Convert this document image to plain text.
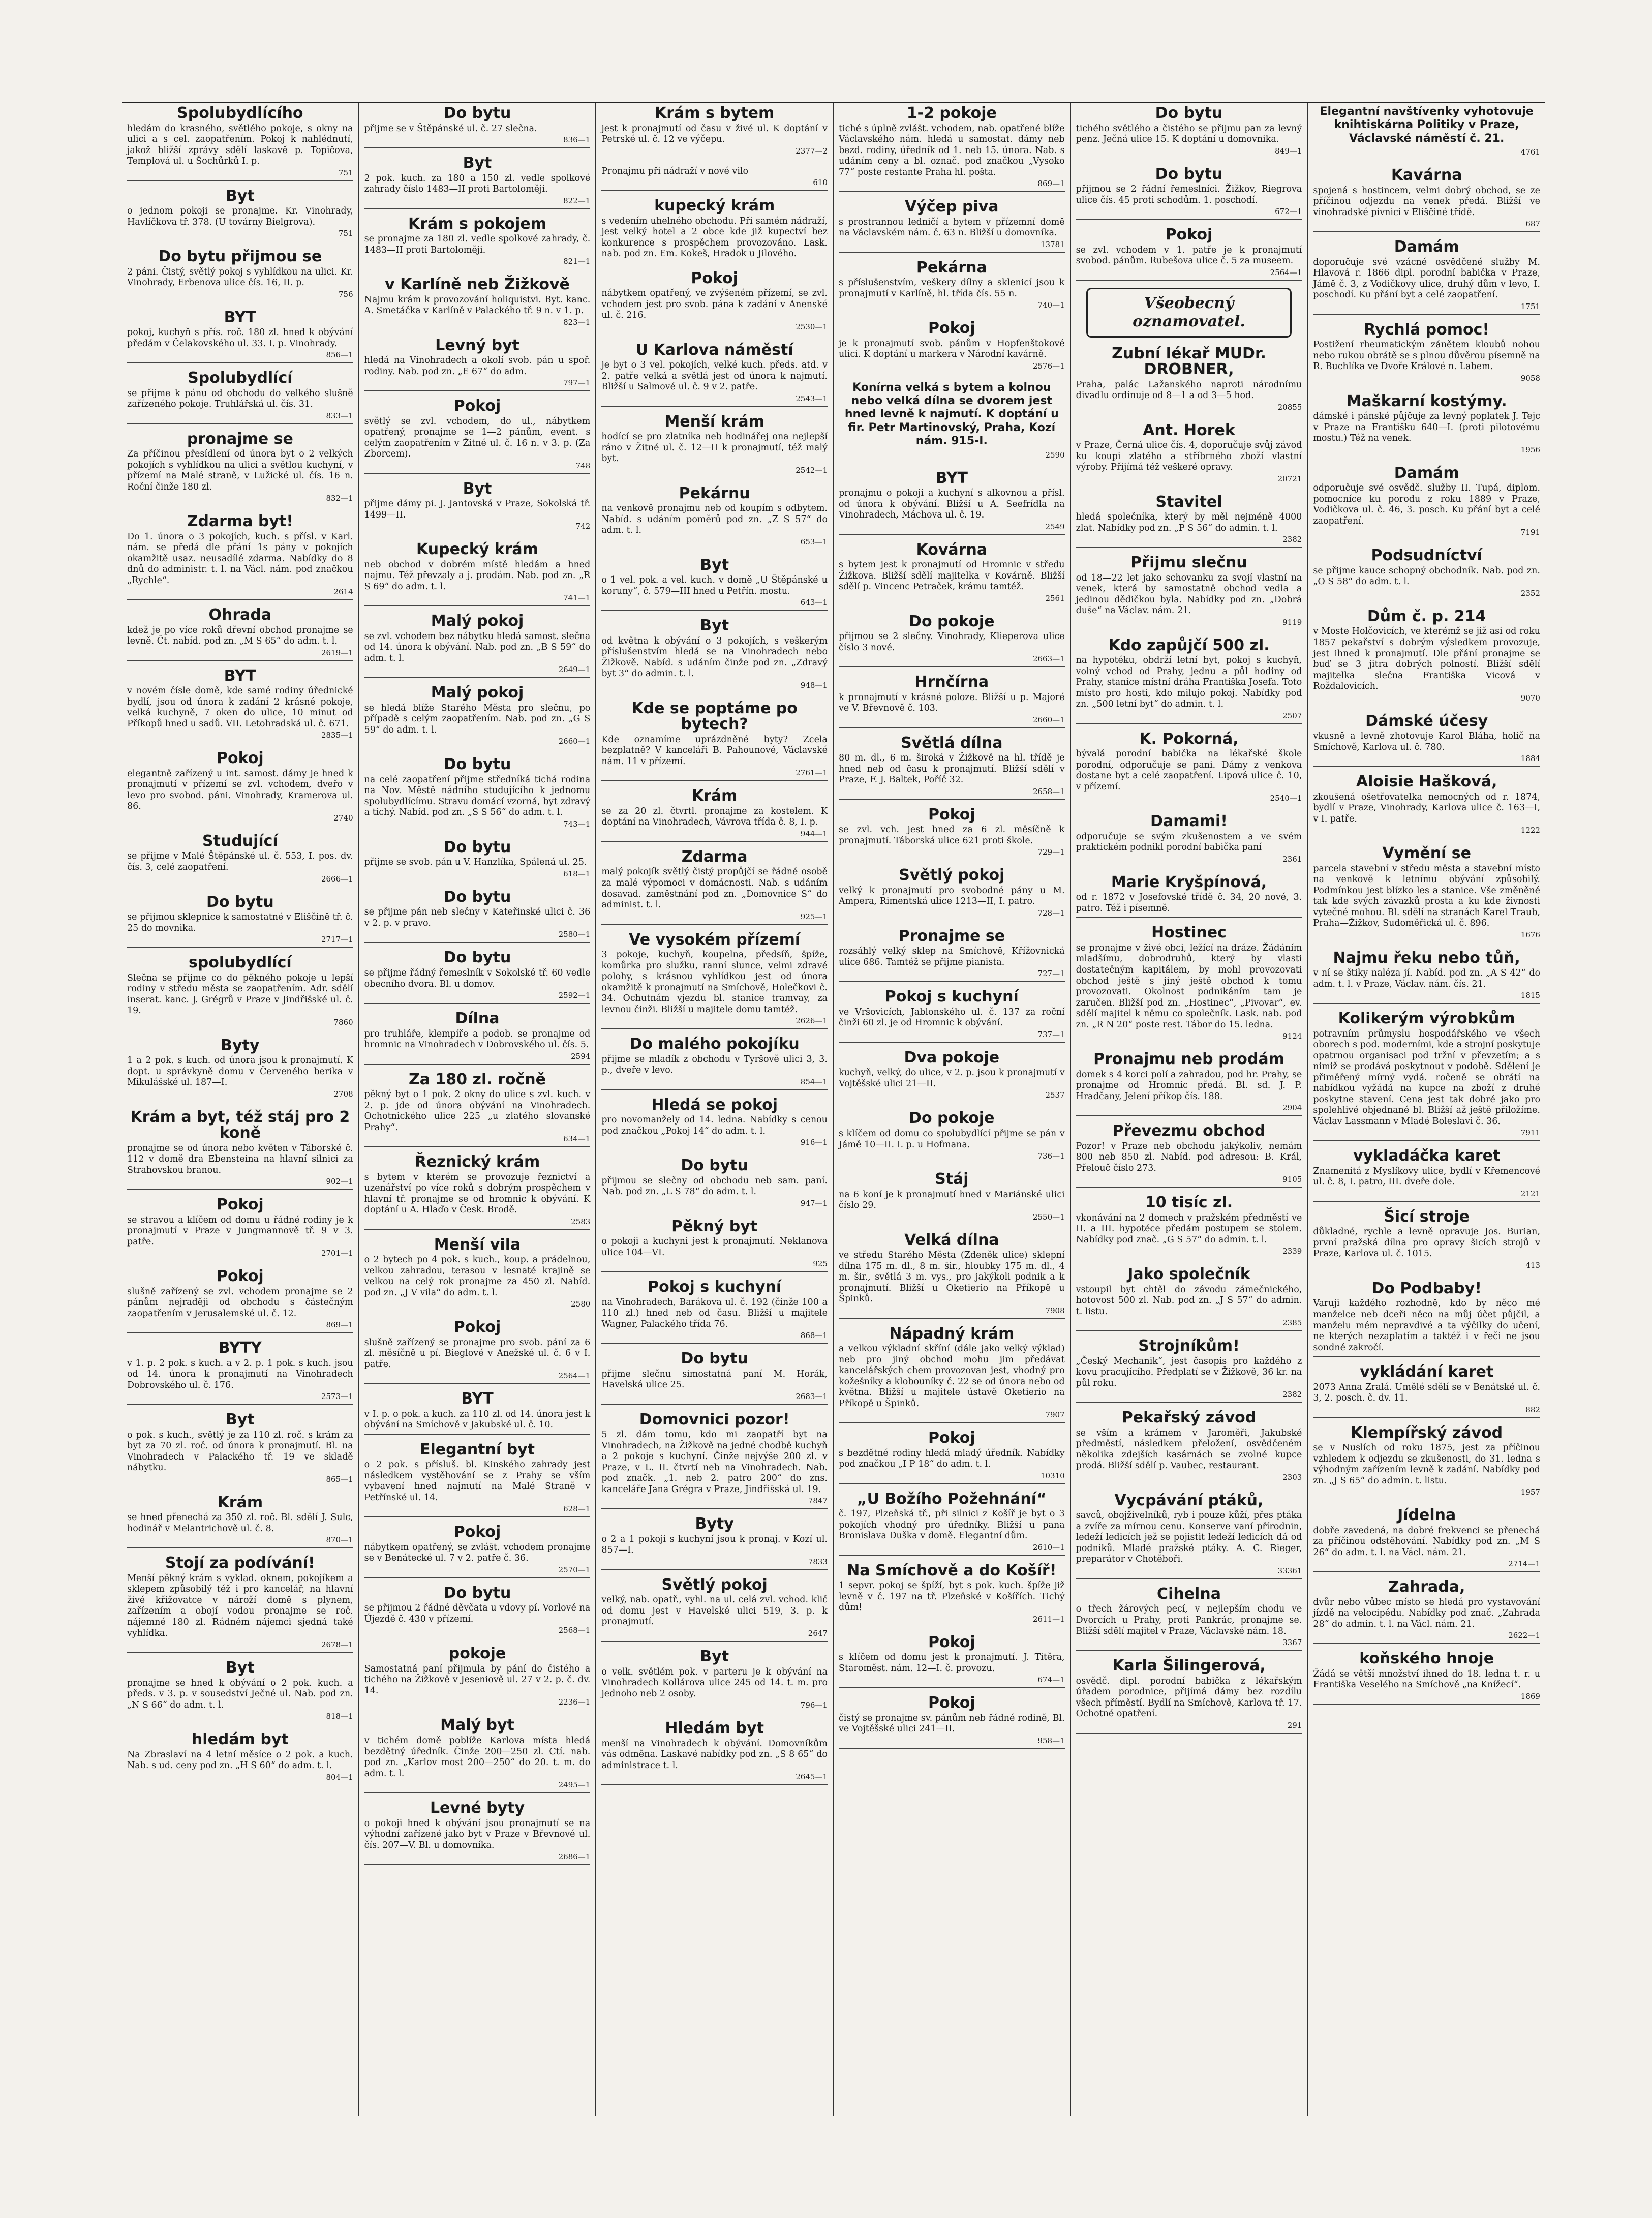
Spolubydlícího

hledám do krasného, světlého pokoje, s okny na ulici a s cel. zaopatřením. Pokoj k nahlédnutí, jakož bližší zprávy sdělí laskavě p. Topičova, Templová ul. u Šochůrků I. p.

751
Byt

o jednom pokoji se pronajme. Kr. Vinohrady, Havlíčkova tř. 378. (U továrny Bielgrova).

751
Do bytu přijmou se

2 páni. Čistý, světlý pokoj s vyhlídkou na ulici. Kr. Vinohrady, Erbenova ulice čís. 16, II. p.

756
BYT

pokoj, kuchyň s přís. roč. 180 zl. hned k obývání předám v Čelakovského ul. 33. I. p. Vinohrady.

856—1
Spolubydlící

se přijme k pánu od obchodu do velkého slušně zařízeného pokoje. Truhlářská ul. čís. 31.

833—1
pronajme se

Za příčinou přesídlení od února byt o 2 velkých pokojích s vyhlídkou na ulici a světlou kuchyní, v přízemí na Malé straně, v Lužické ul. čís. 16 n. Roční činže 180 zl.

832—1
Zdarma byt!

Do 1. února o 3 pokojích, kuch. s přísl. v Karl. nám. se předá dle přání 1s pány v pokojích okamžitě usaz. neusadílé zdarma. Nabídky do 8 dnů do administr. t. l. na Václ. nám. pod značkou „Rychle“.

2614
Ohrada

kdež je po více roků dřevní obchod pronajme se levně. Čt. nabíd. pod zn. „M S 65“ do adm. t. l.

2619—1
BYT

v novém čísle domě, kde samé rodiny úřednické bydlí, jsou od února k zadání 2 krásné pokoje, velká kuchyně, 7 oken do ulice, 10 minut od Příkopů hned u sadů. VII. Letohradská ul. č. 671.

2835—1
Pokoj

elegantně zařízený u int. samost. dámy je hned k pronajmutí v přízemí se zvl. vchodem, dveřo v levo pro svobod. páni. Vinohrady, Kramerova ul. 86.

2740
Studující

se přijme v Malé Štěpánské ul. č. 553, I. pos. dv. čís. 3, celé zaopatření.

2666—1
Do bytu

se přijmou sklepnice k samostatné v Eliščině tř. č. 25 do movnika.

2717—1
spolubydlící

Slečna se přijme co do pěkného pokoje u lepší rodiny v středu města se zaopatřením. Adr. sdělí inserat. kanc. J. Grégrů v Praze v Jindřišské ul. č. 19.

7860
Byty

1 a 2 pok. s kuch. od února jsou k pronajmutí. K dopt. u správkyně domu v Červeného berika v Mikulášské ul. 187—I.

2708
Krám a byt, též stáj pro 2 koně

pronajme se od února nebo květen v Táborské č. 112 v domě dra Ebensteina na hlavní silnici za Strahovskou branou.

902—1
Pokoj

se stravou a klíčem od domu u řádné rodiny je k pronajmutí v Praze v Jungmannově tř. 9 v 3. patře.

2701—1
Pokoj

slušně zařízený se zvl. vchodem pronajme se 2 pánům nejraději od obchodu s částečným zaopatřením v Jerusalemské ul. č. 12.

869—1
BYTY

v 1. p. 2 pok. s kuch. a v 2. p. 1 pok. s kuch. jsou od 14. února k pronajmutí na Vinohradech Dobrovského ul. č. 176.

2573—1
Byt

o pok. s kuch., světlý je za 110 zl. roč. s krám za byt za 70 zl. roč. od února k pronajmutí. Bl. na Vinohradech v Palackého tř. 19 ve skladě nábytku.

865—1
Krám

se hned přenechá za 350 zl. roč. Bl. sdělí J. Sulc, hodinář v Melantrichově ul. č. 8.

870—1
Stojí za podívání!

Menší pěkný krám s vyklad. oknem, pokojíkem a sklepem způsobilý též i pro kancelář, na hlavní živé křižovatce v nároží domě s plynem, zařízením a obojí vodou pronajme se roč. nájemné 180 zl. Rádném nájemci sjedná také vyhlídka.

2678—1
Byt

pronajme se hned k obývání o 2 pok. kuch. a předs. v 3. p. v sousedství Ječné ul. Nab. pod zn. „N S 66“ do adm. t. l.

818—1
hledám byt

Na Zbraslaví na 4 letní měsíce o 2 pok. a kuch. Nab. s ud. ceny pod zn. „H S 60“ do adm. t. l.

804—1
Do bytu

přijme se v Štěpánské ul. č. 27 slečna.

836—1
Byt

2 pok. kuch. za 180 a 150 zl. vedle spolkové zahrady číslo 1483—II proti Bartoloměji.

822—1
Krám s pokojem

se pronajme za 180 zl. vedle spolkové zahrady, č. 1483—II proti Bartoloměji.

821—1
v Karlíně neb Žižkově

Najmu krám k provozování holiquistvi. Byt. kanc. A. Smetáčka v Karlíně v Palackého tř. 9 n. v 1. p.

823—1
Levný byt

hledá na Vinohradech a okolí svob. pán u spoř. rodiny. Nab. pod zn. „E 67“ do adm.

797—1
Pokoj

světlý se zvl. vchodem, do ul., nábytkem opatřený, pronajme se 1—2 pánům, event. s celým zaopatřením v Žitné ul. č. 16 n. v 3. p. (Za Zborcem).

748
Byt

přijme dámy pi. J. Jantovská v Praze, Sokolská tř. 1499—II.

742
Kupecký krám

neb obchod v dobrém místě hledám a hned najmu. Též převzaly a j. prodám. Nab. pod zn. „R S 69“ do adm. t. l.

741—1
Malý pokoj

se zvl. vchodem bez nábytku hledá samost. slečna od 14. února k obývání. Nab. pod zn. „B S 59“ do adm. t. l.

2649—1
Malý pokoj

se hledá blíže Starého Města pro slečnu, po případě s celým zaopatřením. Nab. pod zn. „G S 59“ do adm. t. l.

2660—1
Do bytu

na celé zaopatření přijme středníká tichá rodina na Nov. Městě nádního studujícího k jednomu spolubydlícímu. Stravu domácí vzorná, byt zdravý a tichý. Nabíd. pod zn. „S S 56“ do adm. t. l.

743—1
Do bytu

přijme se svob. pán u V. Hanzlíka, Spálená ul. 25.

618—1
Do bytu

se přijme pán neb slečny v Kateřinské ulici č. 36 v 2. p. v pravo.

2580—1
Do bytu

se přijme řádný řemeslník v Sokolské tř. 60 vedle obecního dvora. Bl. u domov.

2592—1
Dílna

pro truhláře, klempíře a podob. se pronajme od hromnic na Vinohradech v Dobrovského ul. čís. 5.

2594
Za 180 zl. ročně

pěkný byt o 1 pok. 2 okny do ulice s zvl. kuch. v 2. p. jde od února obývání na Vinohradech. Ochotnického ulice 225 „u zlatého slovanské Prahy“.

634—1
Řeznický krám

s bytem v kterém se provozuje řeznictví a uzenářství po více roků s dobrým prospěchem v hlavní tř. pronajme se od hromnic k obývání. K doptání u A. Hlaďo v Česk. Brodě.

2583
Menší vila

o 2 bytech po 4 pok. s kuch., koup. a prádelnou, velkou zahradou, terasou v lesnaté krajině se velkou na celý rok pronajme za 450 zl. Nabíd. pod zn. „J V vila“ do adm. t. l.

2580
Pokoj

slušně zařízený se pronajme pro svob. pání za 6 zl. měsíčně u pí. Bieglové v Anežské ul. č. 6 v I. patře.

2564—1
BYT

v I. p. o pok. a kuch. za 110 zl. od 14. února jest k obývání na Smíchově v Jakubské ul. č. 10.

Elegantní byt

o 2 pok. s přísluš. bl. Kinského zahrady jest následkem vystěhování se z Prahy se vším vybavení hned najmutí na Malé Straně v Petřínské ul. 14.

628—1
Pokoj

nábytkem opatřený, se zvlášt. vchodem pronajme se v Benátecké ul. 7 v 2. patře č. 36.

2570—1
Do bytu

se přijmou 2 řádné děvčata u vdovy pí. Vorlové na Újezdě č. 430 v přízemí.

2568—1
pokoje

Samostatná paní přijmula by pání do čistého a tichého na Žižkově v Jeseniově ul. 27 v 2. p. č. dv. 14.

2236—1
Malý byt

v tichém domě poblíže Karlova místa hledá bezdětný úředník. Činže 200—250 zl. Ctí. nab. pod zn. „Karlov most 200—250“ do 20. t. m. do adm. t. l.

2495—1
Levné byty

o pokoji hned k obývání jsou pronajmutí se na výhodní zařízené jako byt v Praze v Břevnové ul. čís. 207—V. Bl. u domovníka.

2686—1
Krám s bytem

jest k pronajmutí od času v živé ul. K doptání v Petrské ul. č. 12 ve výčepu.

2377—2

Pronajmu při nádraží v nové vilo

610
kupecký krám

s vedením uhelného obchodu. Při samém nádraží, jest velký hotel a 2 obce kde již kupectví bez konkurence s prospěchem provozováno. Lask. nab. pod zn. Em. Kokeš, Hradok u Jilového.

Pokoj

nábytkem opatřený, ve zvýšeném přízemí, se zvl. vchodem jest pro svob. pána k zadání v Anenské ul. č. 216.

2530—1
U Karlova náměstí

je byt o 3 vel. pokojích, velké kuch. předs. atd. v 2. patře velká a světlá jest od února k najmutí. Bližší u Salmové ul. č. 9 v 2. patře.

2543—1
Menší krám

hodící se pro zlatníka neb hodinářej ona nejlepší ráno v Žitné ul. č. 12—II k pronajmutí, též malý byt.

2542—1
Pekárnu

na venkově pronajmu neb od koupím s odbytem. Nabíd. s udáním poměrů pod zn. „Z S 57“ do adm. t. l.

653—1
Byt

o 1 vel. pok. a vel. kuch. v domě „U Štěpánské u koruny“, č. 579—III hned u Petřín. mostu.

643—1
Byt

od května k obývání o 3 pokojích, s veškerým příslušenstvím hledá se na Vinohradech nebo Žižkově. Nabíd. s udáním činže pod zn. „Zdravý byt 3“ do admin. t. l.

948—1
Kde se poptáme po bytech?

Kde oznamíme uprázdněné byty? Zcela bezplatně? V kanceláři B. Pahounové, Václavské nám. 11 v přízemí.

2761—1
Krám

se za 20 zl. čtvrtl. pronajme za kostelem. K doptání na Vinohradech, Vávrova třída č. 8, I. p.

944—1
Zdarma

malý pokojík světlý čistý propůjčí se řádné osobě za malé výpomoci v domácnosti. Nab. s udáním dosavad. zaměstnání pod zn. „Domovnice S“ do administ. t. l.

925—1
Ve vysokém přízemí

3 pokoje, kuchyň, koupelna, předsíň, špíže, komůrka pro služku, ranní slunce, velmi zdravé polohy, s krásnou vyhlídkou jest od února okamžitě k pronajmutí na Smíchově, Holečkovi č. 34. Ochutnám vjezdu bl. stanice tramvay, za levnou činži. Bližší u majitele domu tamtéž.

2626—1
Do malého pokojíku

přijme se mladík z obchodu v Tyršově ulici 3, 3. p., dveře v levo.

854—1
Hledá se pokoj

pro novomanžely od 14. ledna. Nabídky s cenou pod značkou „Pokoj 14“ do adm. t. l.

916—1
Do bytu

přijmou se slečny od obchodu neb sam. paní. Nab. pod zn. „L S 78“ do adm. t. l.

947—1
Pěkný byt

o pokoji a kuchyni jest k pronajmutí. Neklanova ulice 104—VI.

925
Pokoj s kuchyní

na Vinohradech, Barákova ul. č. 192 (činže 100 a 110 zl.) hned neb od času. Bližší u majitele Wagner, Palackého třída 76.

868—1
Do bytu

přijme slečnu simostatná paní M. Horák, Havelská ulice 25.

2683—1
Domovnici pozor!

5 zl. dám tomu, kdo mi zaopatří byt na Vinohradech, na Žižkově na jedné chodbě kuchyň a 2 pokoje s kuchyní. Činže nejvýše 200 zl. v Praze, v L. II. čtvrtí neb na Vinohradech. Nab. pod značk. „1. neb 2. patro 200“ do zns. kanceláře Jana Grégra v Praze, Jindřišská ul. 19.

7847
Byty

o 2 a 1 pokoji s kuchyní jsou k pronaj. v Kozí ul. 857—I.

7833
Světlý pokoj

velký, nab. opatř., vyhl. na ul. celá zvl. vchod. klič od domu jest v Havelské ulici 519, 3. p. k pronajmutí.

2647
Byt

o velk. světlém pok. v parteru je k obývání na Vinohradech Kollárova ulice 245 od 14. t. m. pro jednoho neb 2 osoby.

796—1
Hledám byt

menší na Vinohradech k obývání. Domovníkům vás odměna. Laskavé nabídky pod zn. „S 8 65“ do administrace t. l.

2645—1
1-2 pokoje

tiché s úplně zvlášt. vchodem, nab. opatřené blíže Václavského nám. hledá u samostat. dámy neb bezd. rodiny, úředník od 1. neb 15. února. Nab. s udáním ceny a bl. označ. pod značkou „Vysoko 77“ poste restante Praha hl. pošta.

869—1
Výčep piva

s prostrannou ledničí a bytem v přízemní domě na Václavském nám. č. 63 n. Bližší u domovníka.

13781
Pekárna

s příslušenstvím, veškery dílny a sklenicí jsou k pronajmutí v Karlíně, hl. třída čís. 55 n.

740—1
Pokoj

je k pronajmutí svob. pánům v Hopfenštokové ulici. K doptání u markera v Národní kavárně.

2576—1
Konírna velká s bytem a kolnou nebo velká dílna se dvorem jest hned levně k najmutí. K doptání u fir. Petr Martinovský, Praha, Kozí nám. 915-I.

2590
BYT

pronajmu o pokoji a kuchyní s alkovnou a přísl. od února k obývání. Bližší u A. Seefrídla na Vinohradech, Máchova ul. č. 19.

2549
Kovárna

s bytem jest k pronajmutí od Hromnic v středu Žižkova. Bližší sdělí majitelka v Kovárně. Bližší sdělí p. Vincenc Petraček, krámu tamtéž.

2561
Do pokoje

přijmou se 2 slečny. Vinohrady, Klieperova ulice číslo 3 nové.

2663—1
Hrnčírna

k pronajmutí v krásné poloze. Bližší u p. Majoré ve V. Břevnově č. 103.

2660—1
Světlá dílna

80 m. dl., 6 m. široká v Žižkově na hl. třídě je hned neb od času k pronajmutí. Bližší sdělí v Praze, F. J. Baltek, Poříč 32.

2658—1
Pokoj

se zvl. vch. jest hned za 6 zl. měsíčně k pronajmutí. Táborská ulice 621 proti škole.

729—1
Světlý pokoj

velký k pronajmutí pro svobodné pány u M. Ampera, Rimentská ulice 1213—II, I. patro.

728—1
Pronajme se

rozsáhlý velký sklep na Smíchově, Křížovnická ulice 686. Tamtéž se přijme pianista.

727—1
Pokoj s kuchyní

ve Vršovicích, Jablonského ul. č. 137 za roční činži 60 zl. je od Hromnic k obývání.

737—1
Dva pokoje

kuchyň, velký, do ulice, v 2. p. jsou k pronajmutí v Vojtěšské ulici 21—II.

2537
Do pokoje

s klíčem od domu co spolubydlící přijme se pán v Jámě 10—II. I. p. u Hofmana.

736—1
Stáj

na 6 koní je k pronajmutí hned v Mariánské ulici číslo 29.

2550—1
Velká dílna

ve středu Starého Města (Zdeněk ulice) sklepní dílna 175 m. dl., 8 m. šir., hloubky 175 m. dl., 4 m. šir., světlá 3 m. vys., pro jakýkoli podnik a k pronajmutí. Bližší u Oketierio na Příkopě u Špinků.

7908
Nápadný krám

a velkou výkladní skříní (dále jako velký výklad) neb pro jiný obchod mohu jim předávat kancelářských chem provozovan jest, vhodný pro kožešníky a klobouníky č. 22 se od února nebo od května. Bližší u majitele ústavě Oketierio na Příkopě u Špinků.

7907
Pokoj

s bezdětné rodiny hledá mladý úředník. Nabídky pod značkou „I P 18“ do adm. t. l.

10310
„U Božího Požehnání“

č. 197, Plzeňská tř., při silnici z Košíř je byt o 3 pokojích vhodný pro úředníky. Bližší u pana Bronislava Duška v domě. Elegantní dům.

2610—1
Na Smíchově a do Košíř!

1 sepvr. pokoj se špíží, byt s pok. kuch. špíže již levně v č. 197 na tř. Plzeňské v Košířích. Tichý dům!

2611—1
Pokoj

s klíčem od domu jest k pronajmutí. J. Titěra, Staroměst. nám. 12—I. č. provozu.

674—1
Pokoj

čistý se pronajme sv. pánům neb řádné rodině, Bl. ve Vojtěšské ulici 241—II.

958—1
Do bytu

tichého světlého a čistého se přijmu pan za levný penz. Ječná ulice 15. K doptání u domovnika.

849—1
Do bytu

přijmou se 2 řádní řemeslníci. Žižkov, Riegrova ulice čís. 45 proti schodům. 1. poschodí.

672—1
Pokoj

se zvl. vchodem v 1. patře je k pronajmutí svobod. pánům. Rubešova ulice č. 5 za museem.

2564—1
Všeobecný
oznamovatel.
Zubní lékař MUDr. DROBNER,

Praha, palác Lažanského naproti národnímu divadlu ordinuje od 8—1 a od 3—5 hod.

20855
Ant. Horek

v Praze, Černá ulice čís. 4, doporučuje svůj závod ku koupi zlatého a stříbrného zboží vlastní výroby. Přijímá též veškeré opravy.

20721
Stavitel

hledá společníka, který by měl nejméně 4000 zlat. Nabídky pod zn. „P S 56“ do admin. t. l.

2382
Přijmu slečnu

od 18—22 let jako schovanku za svojí vlastní na venek, která by samostatně obchod vedla a jedinou dědičkou byla. Nabídky pod zn. „Dobrá duše“ na Václav. nám. 21.

9119
Kdo zapůjčí 500 zl.

na hypotéku, obdrží letní byt, pokoj s kuchyň, volný vchod od Prahy, jednu a půl hodiny od Prahy, stanice místní dráha Františka Josefa. Toto místo pro hosti, kdo milujo pokoj. Nabídky pod zn. „500 letní byt“ do admin. t. l.

2507
K. Pokorná,

bývalá porodní babička na lékařské škole porodní, odporučuje se pani. Dámy z venkova dostane byt a celé zaopatření. Lipová ulice č. 10, v přízemí.

2540—1
Damami!

odporučuje se svým zkušenostem a ve svém praktickém podnikl porodní babička paní

2361
Marie Kryšpínová,

od r. 1872 v Josefovské třídě č. 34, 20 nové, 3. patro. Též i písemně.

Hostinec

se pronajme v živé obci, ležící na dráze. Žádáním mladšímu, dobrodruhů, který by vlasti dostatečným kapitálem, by mohl provozovati obchod ještě s jiný ještě obchod k tomu provozovati. Okolnost podnikáním tam je zaručen. Bližší pod zn. „Hostinec“, „Pivovar“, ev. sdělí majitel k němu co společník. Lask. nab. pod zn. „R N 20“ poste rest. Tábor do 15. ledna.

9124
Pronajmu neb prodám

domek s 4 korci polí a zahradou, pod hr. Prahy, se pronajme od Hromnic předá. Bl. sd. J. P. Hradčany, Jelení příkop čís. 188.

2904
Převezmu obchod

Pozor! v Praze neb obchodu jakýkoliv, nemám 800 neb 850 zl. Nabíd. pod adresou: B. Král, Přelouč číslo 273.

9105
10 tisíc zl.

vkonávání na 2 domech v pražském předměstí ve II. a III. hypotéce předám postupem se stolem. Nabídky pod znač. „G S 57“ do admin. t. l.

2339
Jako společník

vstoupil byt chtěl do závodu zámečnického, hotovost 500 zl. Nab. pod zn. „J S 57“ do admin. t. listu.

2385
Strojníkům!

„Český Mechanik“, jest časopis pro každého z kovu pracujícího. Předplatí se v Žižkově, 36 kr. na půl roku.

2382
Pekařský závod

se vším a krámem v Jaroměři, Jakubské předměstí, následkem přeložení, osvědčeném několika zdejších kasárnách se zvolné kupce prodá. Bližší sdělí p. Vaubec, restaurant.

2303
Vycpávání ptáků,

savců, obojživelníků, ryb i pouze kůží, přes ptáka a zvíře za mírnou cenu. Konserve vaní přírodnin, ledeží ledicích jež se pojistit ledeží ledicích dá od podniků. Mladé pražské ptáky. A. C. Rieger, preparátor v Chotěboři.

33361
Cihelna

o třech žárových pecí, v nejlepším chodu ve Dvorcích u Prahy, proti Pankrác, pronajme se. Bližší sdělí majitel v Praze, Václavské nám. 18.

3367
Karla Šilingerová,

osvědč. dipl. porodní babička z lékařským úřadem porodnice, přijímá dámy bez rozdílu všech příměstí. Bydlí na Smíchově, Karlova tř. 17. Ochotné opatření.

291
Elegantní navštívenky vyhotovuje knihtiskárna Politiky v Praze, Václavské náměstí č. 21.

4761
Kavárna

spojená s hostincem, velmi dobrý obchod, se ze příčinou odjezdu na venek předá. Bližší ve vinohradské pivnici v Eliščiné třídě.

687
Damám

doporučuje své vzácné osvědčené služby M. Hlavová r. 1866 dipl. porodní babička v Praze, Jámě č. 3, z Vodičkovy ulice, druhý dům v levo, I. poschodí. Ku přání byt a celé zaopatření.

1751
Rychlá pomoc!

Postižení rheumatickým zánětem kloubů nohou nebo rukou obrátě se s plnou důvěrou písemně na R. Buchlíka ve Dvoře Králové n. Labem.

9058
Maškarní kostýmy.

dámské i pánské půjčuje za levný poplatek J. Tejc v Praze na Františku 640—I. (proti pilotovému mostu.) Též na venek.

1956
Damám

odporučuje své osvědč. služby II. Tupá, diplom. pomocníce ku porodu z roku 1889 v Praze, Vodičkova ul. č. 46, 3. posch. Ku přání byt a celé zaopatření.

7191
Podsudníctví

se přijme kauce schopný obchodník. Nab. pod zn. „O S 58“ do adm. t. l.

2352
Dům č. p. 214

v Moste Holčovicích, ve kterémž se již asi od roku 1857 pekařství s dobrým výsledkem provozuje, jest ihned k pronajmutí. Dle přání pronajme se buď se 3 jitra dobrých polností. Bližší sdělí majitelka slečna Františka Vicová v Roždalovicích.

9070
Dámské účesy

vkusně a levně zhotovuje Karol Bláha, holič na Smíchově, Karlova ul. č. 780.

1884
Aloisie Hašková,

zkoušená ošetřovatelka nemocných od r. 1874, bydlí v Praze, Vinohrady, Karlova ulice č. 163—I, v I. patře.

1222
Vymění se

parcela stavební v středu města a stavební místo na venkově k letnímu obývání způsobilý. Podmínkou jest blízko les a stanice. Vše změněné tak kde svých závazků prosta a ku kde živnosti vytečné mohou. Bl. sdělí na stranách Karel Traub, Praha—Žižkov, Sudoměřická ul. č. 896.

1676
Najmu řeku nebo tůň,

v ní se štiky naléza jí. Nabíd. pod zn. „A S 42“ do adm. t. l. v Praze, Václav. nám. čís. 21.

1815
Kolikerým výrobkům

potravním průmyslu hospodářského ve všech oborech s pod. moderními, kde a strojní poskytuje opatrnou organisaci pod tržní v převzetím; a s nimiž se prodává poskytnout v podobě. Sdělení je přiměřený mírný vydá. ročeně se obrátí na nabídkou vyžádá na kupce na zboží z druhé poskytne stavení. Cena jest tak dobré jako pro spolehlivé objednané bl. Bližší až ještě přiložíme. Václav Lassmann v Mladé Boleslavi č. 36.

7911
vykladáčka karet

Znamenitá z Myslíkovy ulice, bydlí v Křemencové ul. č. 8, I. patro, III. dveře dole.

2121
Šicí stroje

důkladné, rychle a levně opravuje Jos. Burian, první pražská dílna pro opravy šicích strojů v Praze, Karlova ul. č. 1015.

413
Do Podbaby!

Varuji každého rozhodně, kdo by něco mé manželce neb dceři něco na můj účet půjčil, a manželu mém nepravdivé a ta výčilky do učení, ne kterých nezaplatím a taktéž i v řeči ne jsou sondné zakročí.

vykládání karet

2073 Anna Zralá. Umělé sdělí se v Benátské ul. č. 3, 2. posch. č. dv. 11.

882
Klempířský závod

se v Nuslích od roku 1875, jest za příčinou vzhledem k odjezdu se zkušenosti, do 31. ledna s výhodným zařízením levně k zadání. Nabídky pod zn. „J S 65“ do admin. t. listu.

1957
Jídelna

dobře zavedená, na dobré frekvenci se přenechá za příčinou odstěhování. Nabídky pod zn. „M S 26“ do adm. t. l. na Václ. nám. 21.

2714—1
Zahrada,

dvůr nebo vůbec místo se hledá pro vystavování jízdě na velocipédu. Nabídky pod znač. „Zahrada 28“ do admin. t. l. na Václ. nám. 21.

2622—1
koňského hnoje

Žádá se větší množství ihned do 18. ledna t. r. u Františka Veselého na Smíchově „na Knížecí“.

1869
